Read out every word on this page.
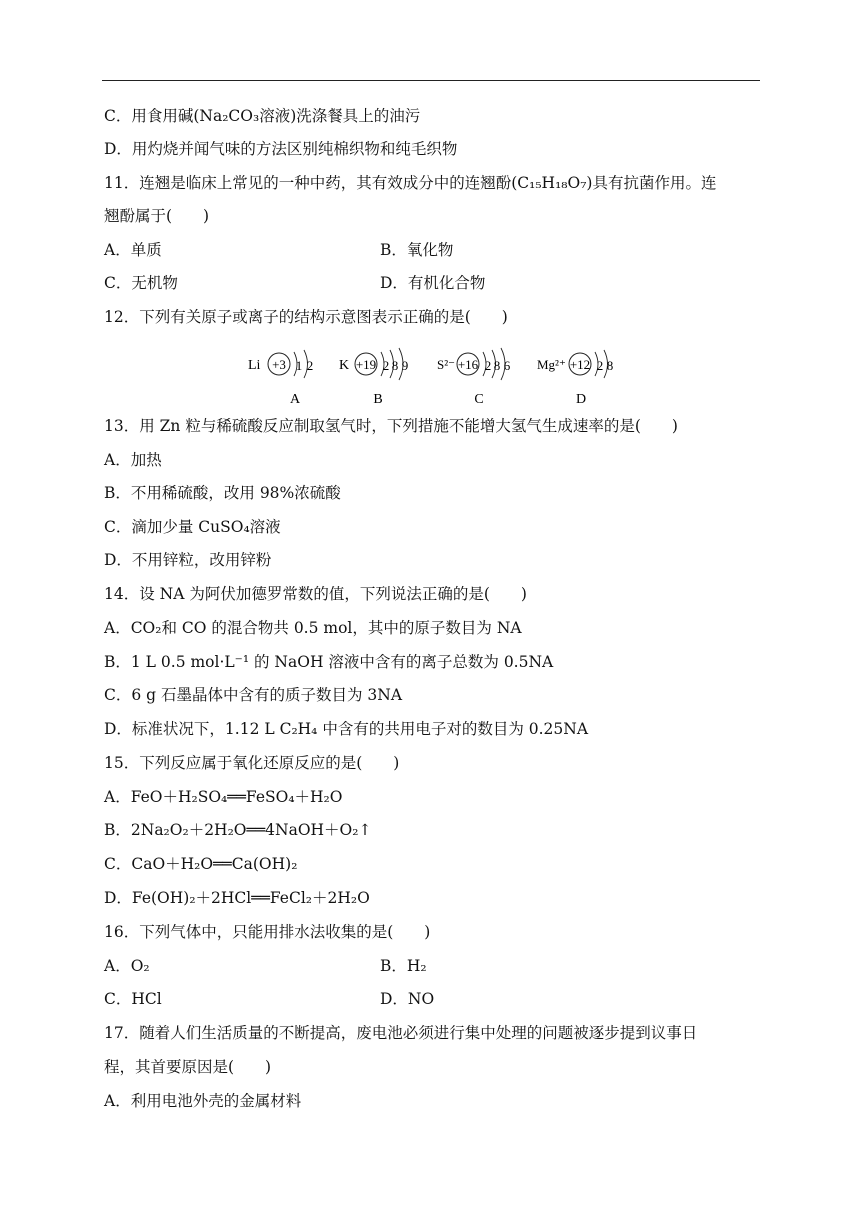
C．用食用碱(Na₂CO₃溶液)洗涤餐具上的油污
D．用灼烧并闻气味的方法区别纯棉织物和纯毛织物
11．连翘是临床上常见的一种中药，其有效成分中的连翘酚(C₁₅H₁₈O₇)具有抗菌作用。连
翘酚属于(　　)
A．单质	B．氧化物
C．无机物	D．有机化合物
12．下列有关原子或离子的结构示意图表示正确的是(　　)
Li +3 1 2
A
K +19 2 8 9
B
S²⁻ +16 2 8 6
C
Mg²⁺ +12 2 8
D
13．用 Zn 粒与稀硫酸反应制取氢气时，下列措施不能增大氢气生成速率的是(　　)
A．加热
B．不用稀硫酸，改用 98%浓硫酸
C．滴加少量 CuSO₄溶液
D．不用锌粒，改用锌粉
14．设 NA 为阿伏加德罗常数的值，下列说法正确的是(　　)
A．CO₂和 CO 的混合物共 0.5 mol，其中的原子数目为 NA
B．1 L 0.5 mol·L⁻¹ 的 NaOH 溶液中含有的离子总数为 0.5NA
C．6 g 石墨晶体中含有的质子数目为 3NA
D．标准状况下，1.12 L C₂H₄ 中含有的共用电子对的数目为 0.25NA
15．下列反应属于氧化还原反应的是(　　)
A．FeO＋H₂SO₄══FeSO₄＋H₂O
B．2Na₂O₂＋2H₂O══4NaOH＋O₂↑
C．CaO＋H₂O══Ca(OH)₂
D．Fe(OH)₂＋2HCl══FeCl₂＋2H₂O
16．下列气体中，只能用排水法收集的是(　　)
A．O₂	B．H₂
C．HCl	D．NO
17．随着人们生活质量的不断提高，废电池必须进行集中处理的问题被逐步提到议事日
程，其首要原因是(　　)
A．利用电池外壳的金属材料
